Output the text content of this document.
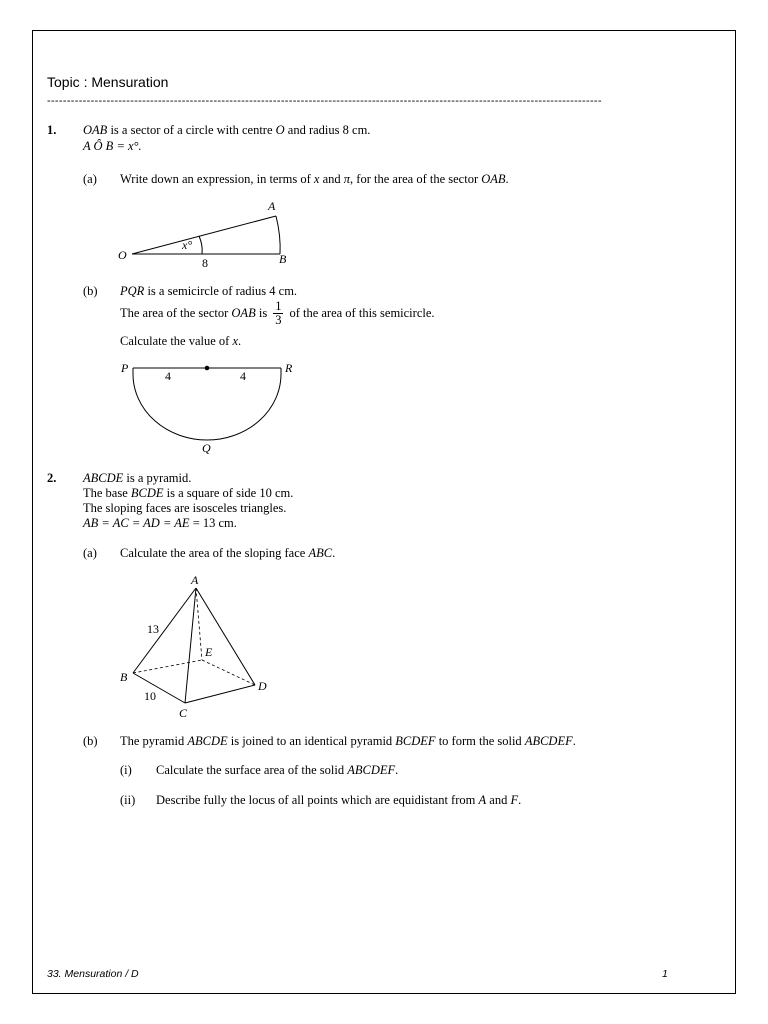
Topic : Mensuration
--------------------------------------------------------------------------------------------------------------------------------------------
1. OAB is a sector of a circle with centre O and radius 8 cm.
A Ô B = x°.
(a) Write down an expression, in terms of x and π, for the area of the sector OAB.
O
A
B
x°
8
(b) PQR is a semicircle of radius 4 cm.
The area of the sector OAB is $\frac{1}{3}$ of the area of this semicircle.
Calculate the value of x.
P	R
Q
4	4
2. ABCDE is a pyramid.
The base BCDE is a square of side 10 cm.
The sloping faces are isosceles triangles.
AB = AC = AD = AE = 13 cm.
(a) Calculate the area of the sloping face ABC.
A
B
C
D
E
13
10
(b) The pyramid ABCDE is joined to an identical pyramid BCDEF to form the solid ABCDEF.
(i) Calculate the surface area of the solid ABCDEF.
(ii) Describe fully the locus of all points which are equidistant from A and F.
33. Mensuration / D	1
